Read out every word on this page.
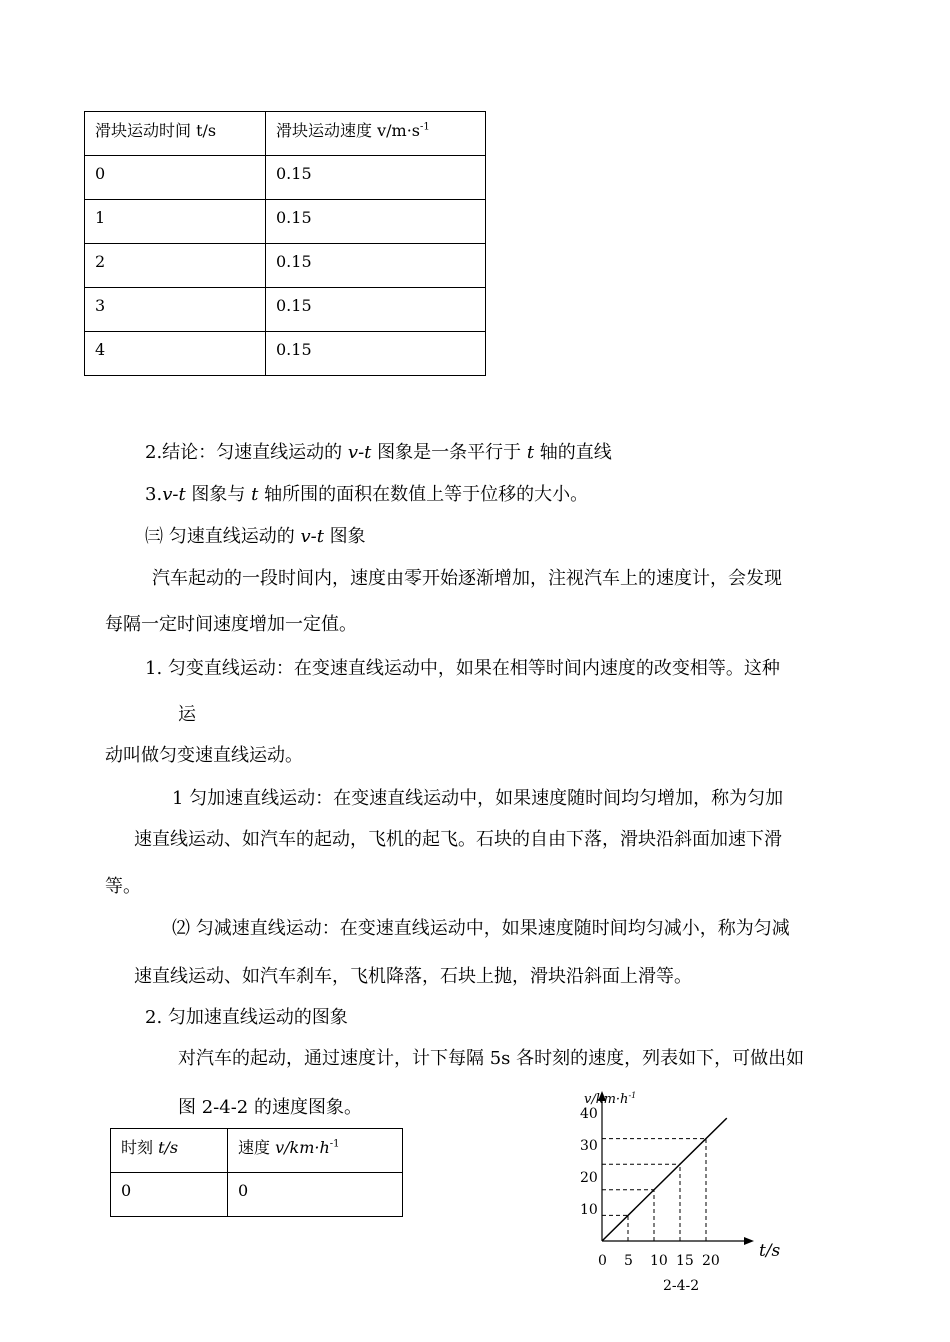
滑块运动时间 t/s	滑块运动速度 $v/m\cdot s^{-1}$
0	0.15
1	0.15
2	0.15
3	0.15
4	0.15
2.结论：匀速直线运动的 v-t 图象是一条平行于 t 轴的直线
3.v-t 图象与 t 轴所围的面积在数值上等于位移的大小。
㈢ 匀速直线运动的 v-t 图象
汽车起动的一段时间内，速度由零开始逐渐增加，注视汽车上的速度计，会发现
每隔一定时间速度增加一定值。
1. 匀变直线运动：在变速直线运动中，如果在相等时间内速度的改变相等。这种
运
动叫做匀变速直线运动。
1 匀加速直线运动：在变速直线运动中，如果速度随时间均匀增加，称为匀加
速直线运动、如汽车的起动，飞机的起飞。石块的自由下落，滑块沿斜面加速下滑
等。
⑵ 匀减速直线运动：在变速直线运动中，如果速度随时间均匀减小，称为匀减
速直线运动、如汽车刹车，飞机降落，石块上抛，滑块沿斜面上滑等。
2. 匀加速直线运动的图象
对汽车的起动，通过速度计，计下每隔 5s 各时刻的速度，列表如下，可做出如
图 2-4-2 的速度图象。
时刻 t/s	速度 $v/km\cdot h^{-1}$
0	0
0 5 10 15 20
10
20
30
40
$v/km\cdot h^{-1}$
t/s
2-4-2
